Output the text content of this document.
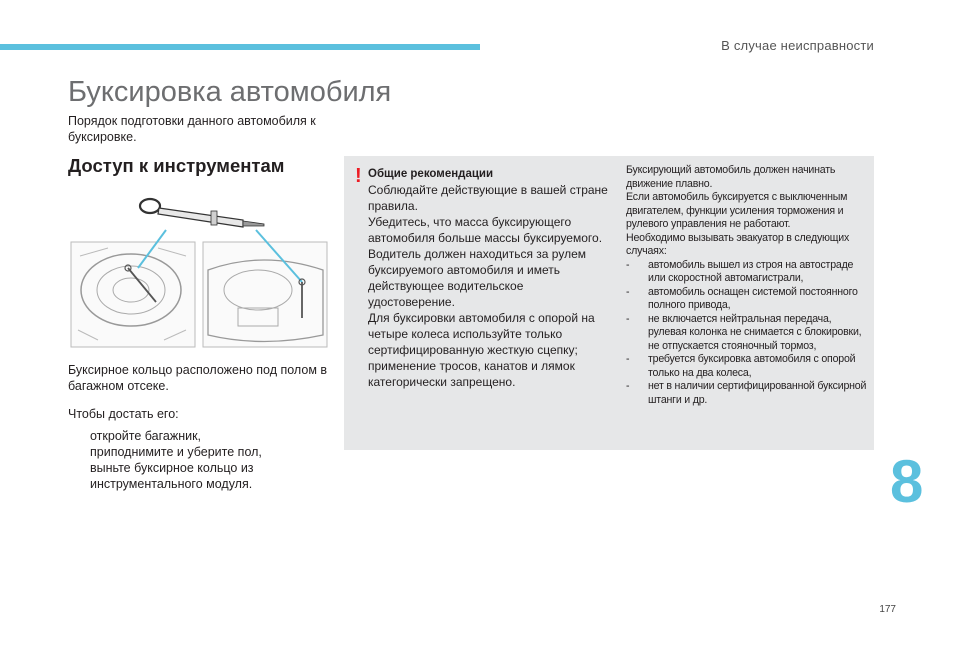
В случае неисправности
Буксировка автомобиля
Порядок подготовки данного автомобиля к буксировке.
Доступ к инструментам

Буксирное кольцо расположено под полом в багажном отсеке.

Чтобы достать его:

откройте багажник,
приподнимите и уберите пол,
выньте буксирное кольцо из инструментального модуля.
! Общие рекомендации
Соблюдайте действующие в вашей стране правила.
Убедитесь, что масса буксирующего автомобиля больше массы буксируемого.
Водитель должен находиться за рулем буксируемого автомобиля и иметь действующее водительское удостоверение.
Для буксировки автомобиля с опорой на четыре колеса используйте только сертифицированную жесткую сцепку; применение тросов, канатов и лямок категорически запрещено.
Буксирующий автомобиль должен начинать движение плавно.
Если автомобиль буксируется с выключенным двигателем, функции усиления торможения и рулевого управления не работают.
Необходимо вызывать эвакуатор в следующих случаях:
- автомобиль вышел из строя на автостраде или скоростной автомагистрали,
- автомобиль оснащен системой постоянного полного привода,
- не включается нейтральная передача, рулевая колонка не снимается с блокировки, не отпускается стояночный тормоз,
- требуется буксировка автомобиля с опорой только на два колеса,
- нет в наличии сертифицированной буксирной штанги и др.
8
177
